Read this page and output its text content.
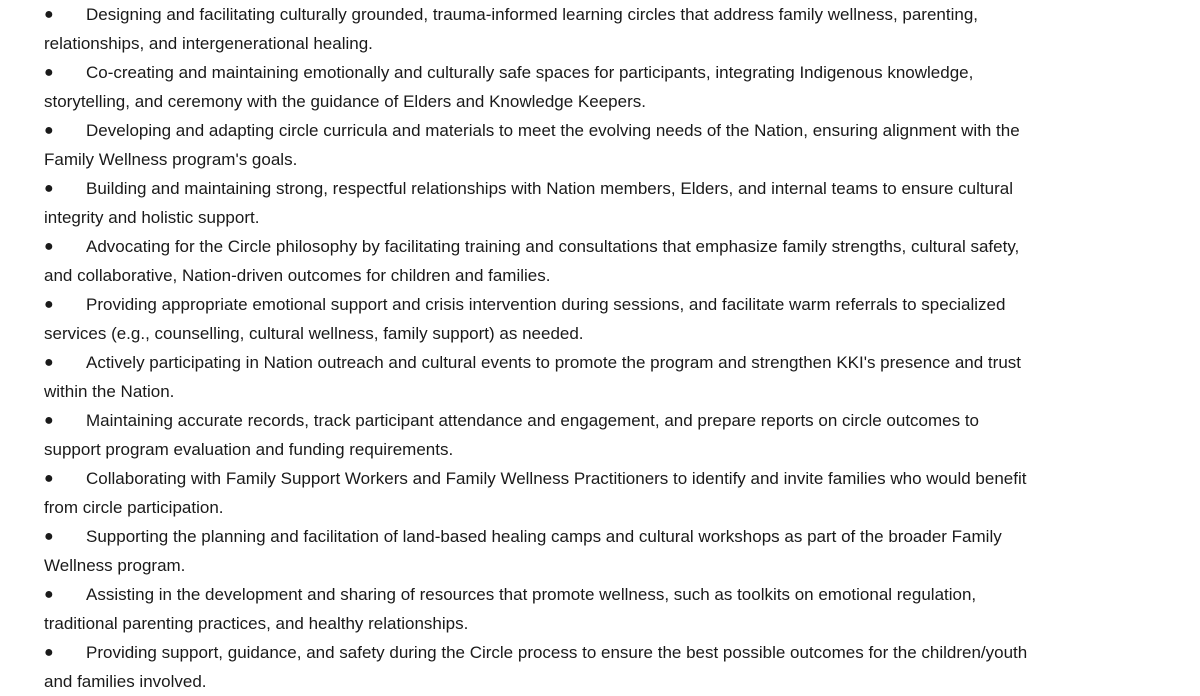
● Designing and facilitating culturally grounded, trauma-informed learning circles that address family wellness, parenting,
relationships, and intergenerational healing.
● Co-creating and maintaining emotionally and culturally safe spaces for participants, integrating Indigenous knowledge,
storytelling, and ceremony with the guidance of Elders and Knowledge Keepers.
● Developing and adapting circle curricula and materials to meet the evolving needs of the Nation, ensuring alignment with the
Family Wellness program's goals.
● Building and maintaining strong, respectful relationships with Nation members, Elders, and internal teams to ensure cultural
integrity and holistic support.
● Advocating for the Circle philosophy by facilitating training and consultations that emphasize family strengths, cultural safety,
and collaborative, Nation-driven outcomes for children and families.
● Providing appropriate emotional support and crisis intervention during sessions, and facilitate warm referrals to specialized
services (e.g., counselling, cultural wellness, family support) as needed.
● Actively participating in Nation outreach and cultural events to promote the program and strengthen KKI's presence and trust
within the Nation.
● Maintaining accurate records, track participant attendance and engagement, and prepare reports on circle outcomes to
support program evaluation and funding requirements.
● Collaborating with Family Support Workers and Family Wellness Practitioners to identify and invite families who would benefit
from circle participation.
● Supporting the planning and facilitation of land-based healing camps and cultural workshops as part of the broader Family
Wellness program.
● Assisting in the development and sharing of resources that promote wellness, such as toolkits on emotional regulation,
traditional parenting practices, and healthy relationships.
● Providing support, guidance, and safety during the Circle process to ensure the best possible outcomes for the children/youth
and families involved.
